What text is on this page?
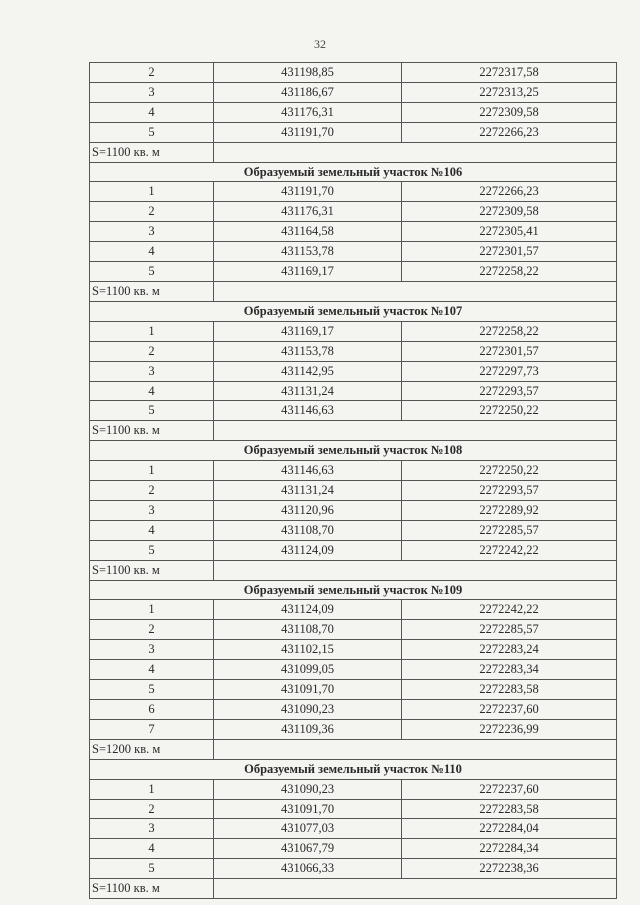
32
2	431198,85	2272317,58
3	431186,67	2272313,25
4	431176,31	2272309,58
5	431191,70	2272266,23
S=1100 кв. м		
Образуемый земельный участок №106		
1	431191,70	2272266,23
2	431176,31	2272309,58
3	431164,58	2272305,41
4	431153,78	2272301,57
5	431169,17	2272258,22
S=1100 кв. м		
Образуемый земельный участок №107		
1	431169,17	2272258,22
2	431153,78	2272301,57
3	431142,95	2272297,73
4	431131,24	2272293,57
5	431146,63	2272250,22
S=1100 кв. м		
Образуемый земельный участок №108		
1	431146,63	2272250,22
2	431131,24	2272293,57
3	431120,96	2272289,92
4	431108,70	2272285,57
5	431124,09	2272242,22
S=1100 кв. м		
Образуемый земельный участок №109		
1	431124,09	2272242,22
2	431108,70	2272285,57
3	431102,15	2272283,24
4	431099,05	2272283,34
5	431091,70	2272283,58
6	431090,23	2272237,60
7	431109,36	2272236,99
S=1200 кв. м		
Образуемый земельный участок №110		
1	431090,23	2272237,60
2	431091,70	2272283,58
3	431077,03	2272284,04
4	431067,79	2272284,34
5	431066,33	2272238,36
S=1100 кв. м		
